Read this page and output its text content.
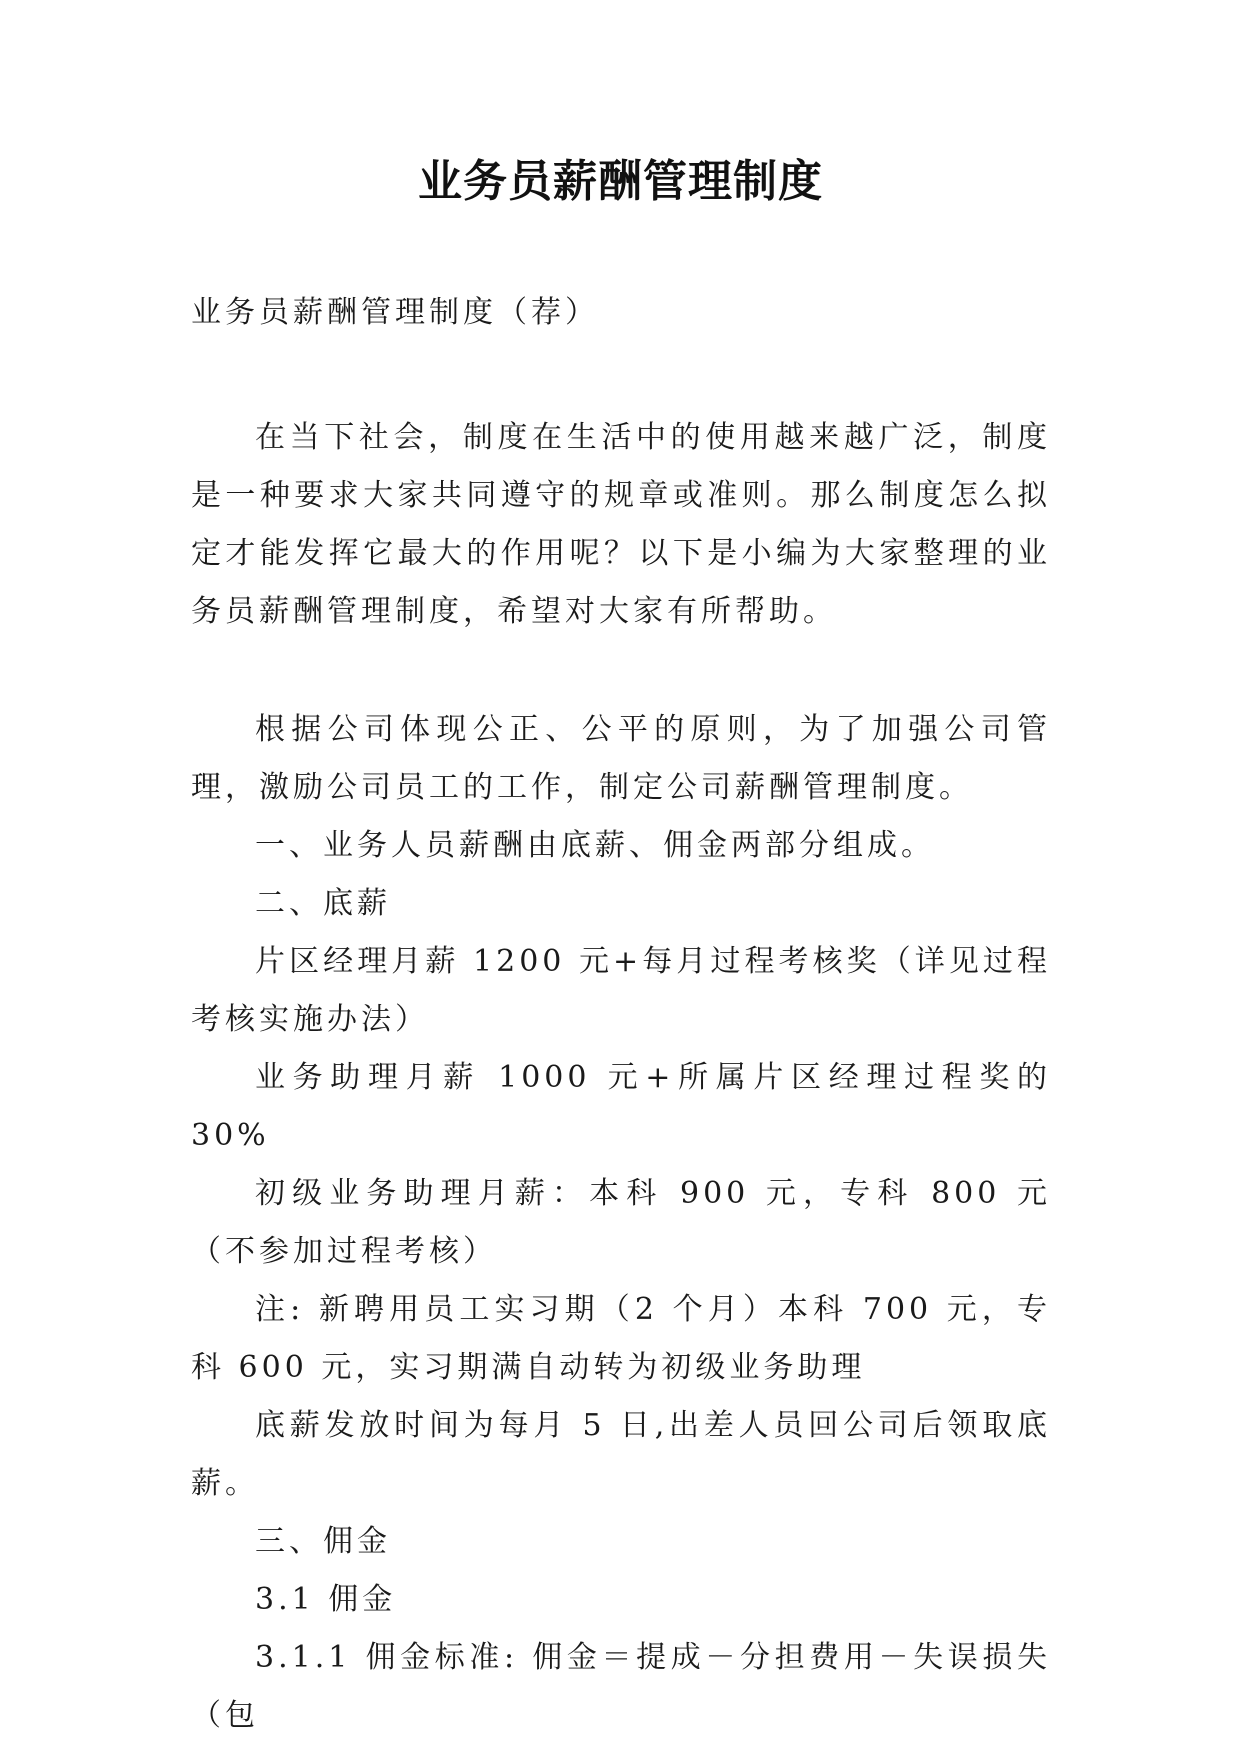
业务员薪酬管理制度

业务员薪酬管理制度（荐）

在当下社会，制度在生活中的使用越来越广泛，制度是一种要求大家共同遵守的规章或准则。那么制度怎么拟定才能发挥它最大的作用呢？以下是小编为大家整理的业务员薪酬管理制度，希望对大家有所帮助。

根据公司体现公正、公平的原则，为了加强公司管理，激励公司员工的工作，制定公司薪酬管理制度。

一、业务人员薪酬由底薪、佣金两部分组成。

二、底薪

片区经理月薪 1200 元+每月过程考核奖（详见过程考核实施办法）

业务助理月薪 1000 元+所属片区经理过程奖的 30%

初级业务助理月薪：本科 900 元，专科 800 元（不参加过程考核）

注: 新聘用员工实习期（2 个月）本科 700 元，专科 600 元，实习期满自动转为初级业务助理

底薪发放时间为每月 5 日,出差人员回公司后领取底薪。

三、佣金

3.1 佣金

3.1.1 佣金标准: 佣金＝提成－分担费用－失误损失（包
